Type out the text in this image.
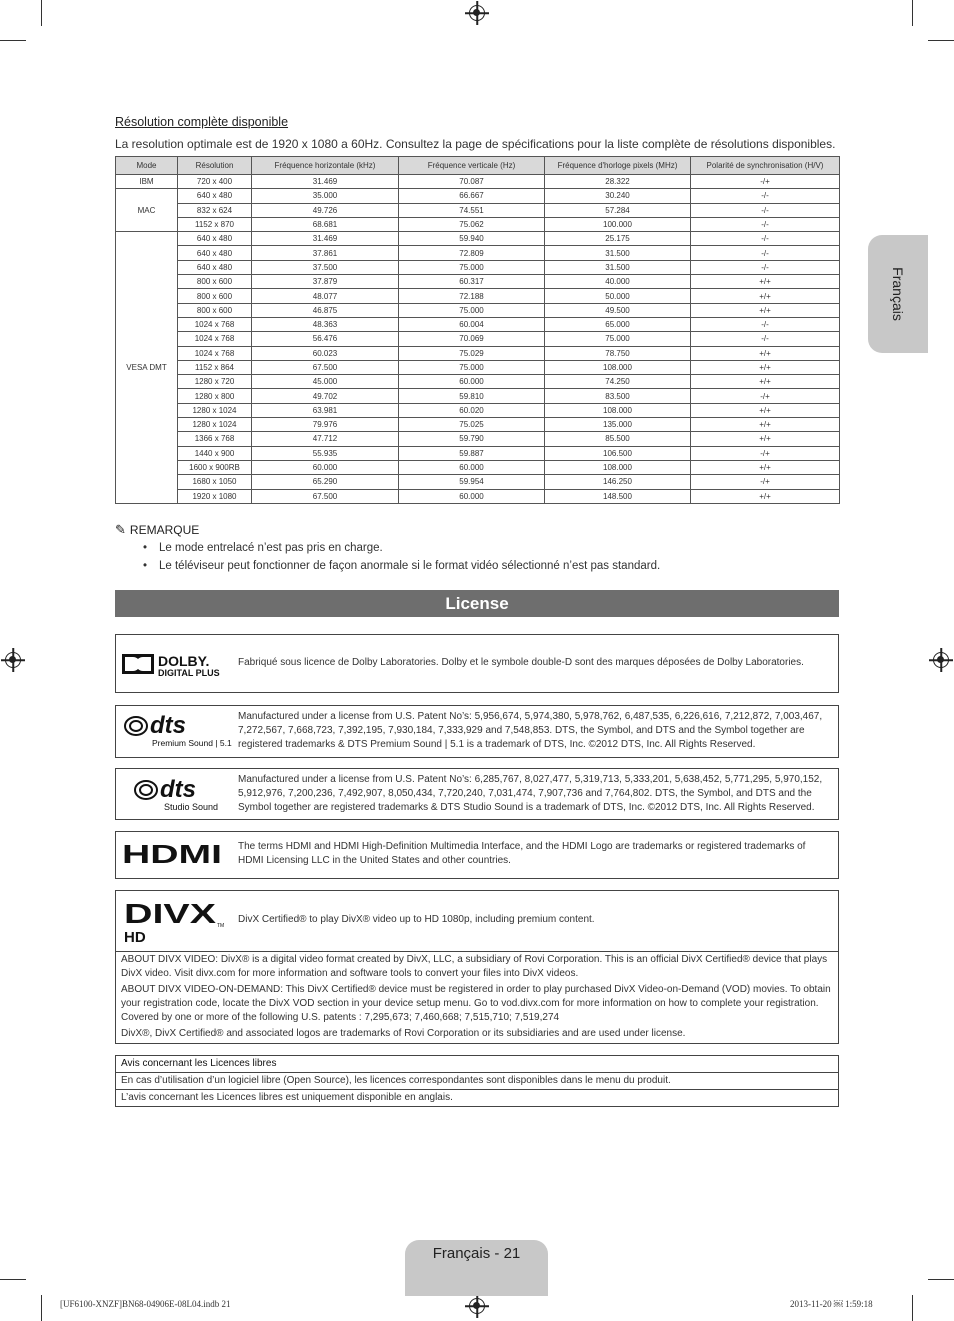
Français
Résolution complète disponible
La resolution optimale est de 1920 x 1080 a 60Hz. Consultez la page de spécifications pour la liste complète de résolutions disponibles.
Mode	Résolution	Fréquence horizontale (kHz)	Fréquence verticale (Hz)	Fréquence d'horloge pixels (MHz)	Polarité de synchronisation (H/V)
IBM	720 x 400	31.469	70.087	28.322	-/+
MAC	640 x 480	35.000	66.667	30.240	-/-
	832 x 624	49.726	74.551	57.284	-/-
	1152 x 870	68.681	75.062	100.000	-/-
VESA DMT	640 x 480	31.469	59.940	25.175	-/-
	640 x 480	37.861	72.809	31.500	-/-
	640 x 480	37.500	75.000	31.500	-/-
	800 x 600	37.879	60.317	40.000	+/+
	800 x 600	48.077	72.188	50.000	+/+
	800 x 600	46.875	75.000	49.500	+/+
	1024 x 768	48.363	60.004	65.000	-/-
	1024 x 768	56.476	70.069	75.000	-/-
	1024 x 768	60.023	75.029	78.750	+/+
	1152 x 864	67.500	75.000	108.000	+/+
	1280 x 720	45.000	60.000	74.250	+/+
	1280 x 800	49.702	59.810	83.500	-/+
	1280 x 1024	63.981	60.020	108.000	+/+
	1280 x 1024	79.976	75.025	135.000	+/+
	1366 x 768	47.712	59.790	85.500	+/+
	1440 x 900	55.935	59.887	106.500	-/+
	1600 x 900RB	60.000	60.000	108.000	+/+
	1680 x 1050	65.290	59.954	146.250	-/+
	1920 x 1080	67.500	60.000	148.500	+/+
✎ REMARQUE
• Le mode entrelacé n’est pas pris en charge.
• Le téléviseur peut fonctionner de façon anormale si le format vidéo sélectionné n’est pas standard.
License
DOLBY.
DIGITAL PLUS
Fabriqué sous licence de Dolby Laboratories. Dolby et le symbole double-D sont des marques déposées de Dolby Laboratories.
dts
Premium Sound | 5.1
Manufactured under a license from U.S. Patent No’s: 5,956,674, 5,974,380, 5,978,762, 6,487,535, 6,226,616, 7,212,872, 7,003,467, 7,272,567, 7,668,723, 7,392,195, 7,930,184, 7,333,929 and 7,548,853. DTS, the Symbol, and DTS and the Symbol together are registered trademarks & DTS Premium Sound | 5.1 is a trademark of DTS, Inc. ©2012 DTS, Inc. All Rights Reserved.
dts
Studio Sound
Manufactured under a license from U.S. Patent No’s: 6,285,767, 8,027,477, 5,319,713, 5,333,201, 5,638,452, 5,771,295, 5,970,152, 5,912,976, 7,200,236, 7,492,907, 8,050,434, 7,720,240, 7,031,474, 7,907,736 and 7,764,802. DTS, the Symbol, and DTS and the Symbol together are registered trademarks & DTS Studio Sound is a trademark of DTS, Inc. ©2012 DTS, Inc. All Rights Reserved.
HDMI The terms HDMI and HDMI High-Definition Multimedia Interface, and the HDMI Logo are trademarks or registered trademarks of HDMI Licensing LLC in the United States and other countries.
DIVX TM
HD
DivX Certified® to play DivX® video up to HD 1080p, including premium content.

ABOUT DIVX VIDEO: DivX® is a digital video format created by DivX, LLC, a subsidiary of Rovi Corporation. This is an official DivX Certified® device that plays DivX video. Visit divx.com for more information and software tools to convert your files into DivX videos.

ABOUT DIVX VIDEO-ON-DEMAND: This DivX Certified® device must be registered in order to play purchased DivX Video-on-Demand (VOD) movies. To obtain your registration code, locate the DivX VOD section in your device setup menu. Go to vod.divx.com for more information on how to complete your registration. Covered by one or more of the following U.S. patents : 7,295,673; 7,460,668; 7,515,710; 7,519,274

DivX®, DivX Certified® and associated logos are trademarks of Rovi Corporation or its subsidiaries and are used under license.

Avis concernant les Licences libres
En cas d’utilisation d’un logiciel libre (Open Source), les licences correspondantes sont disponibles dans le menu du produit.
L’avis concernant les Licences libres est uniquement disponible en anglais.
Français - 21
[UF6100-XNZF]BN68-04906E-08L04.indb 21	2013-11-20 ￼ 1:59:18
